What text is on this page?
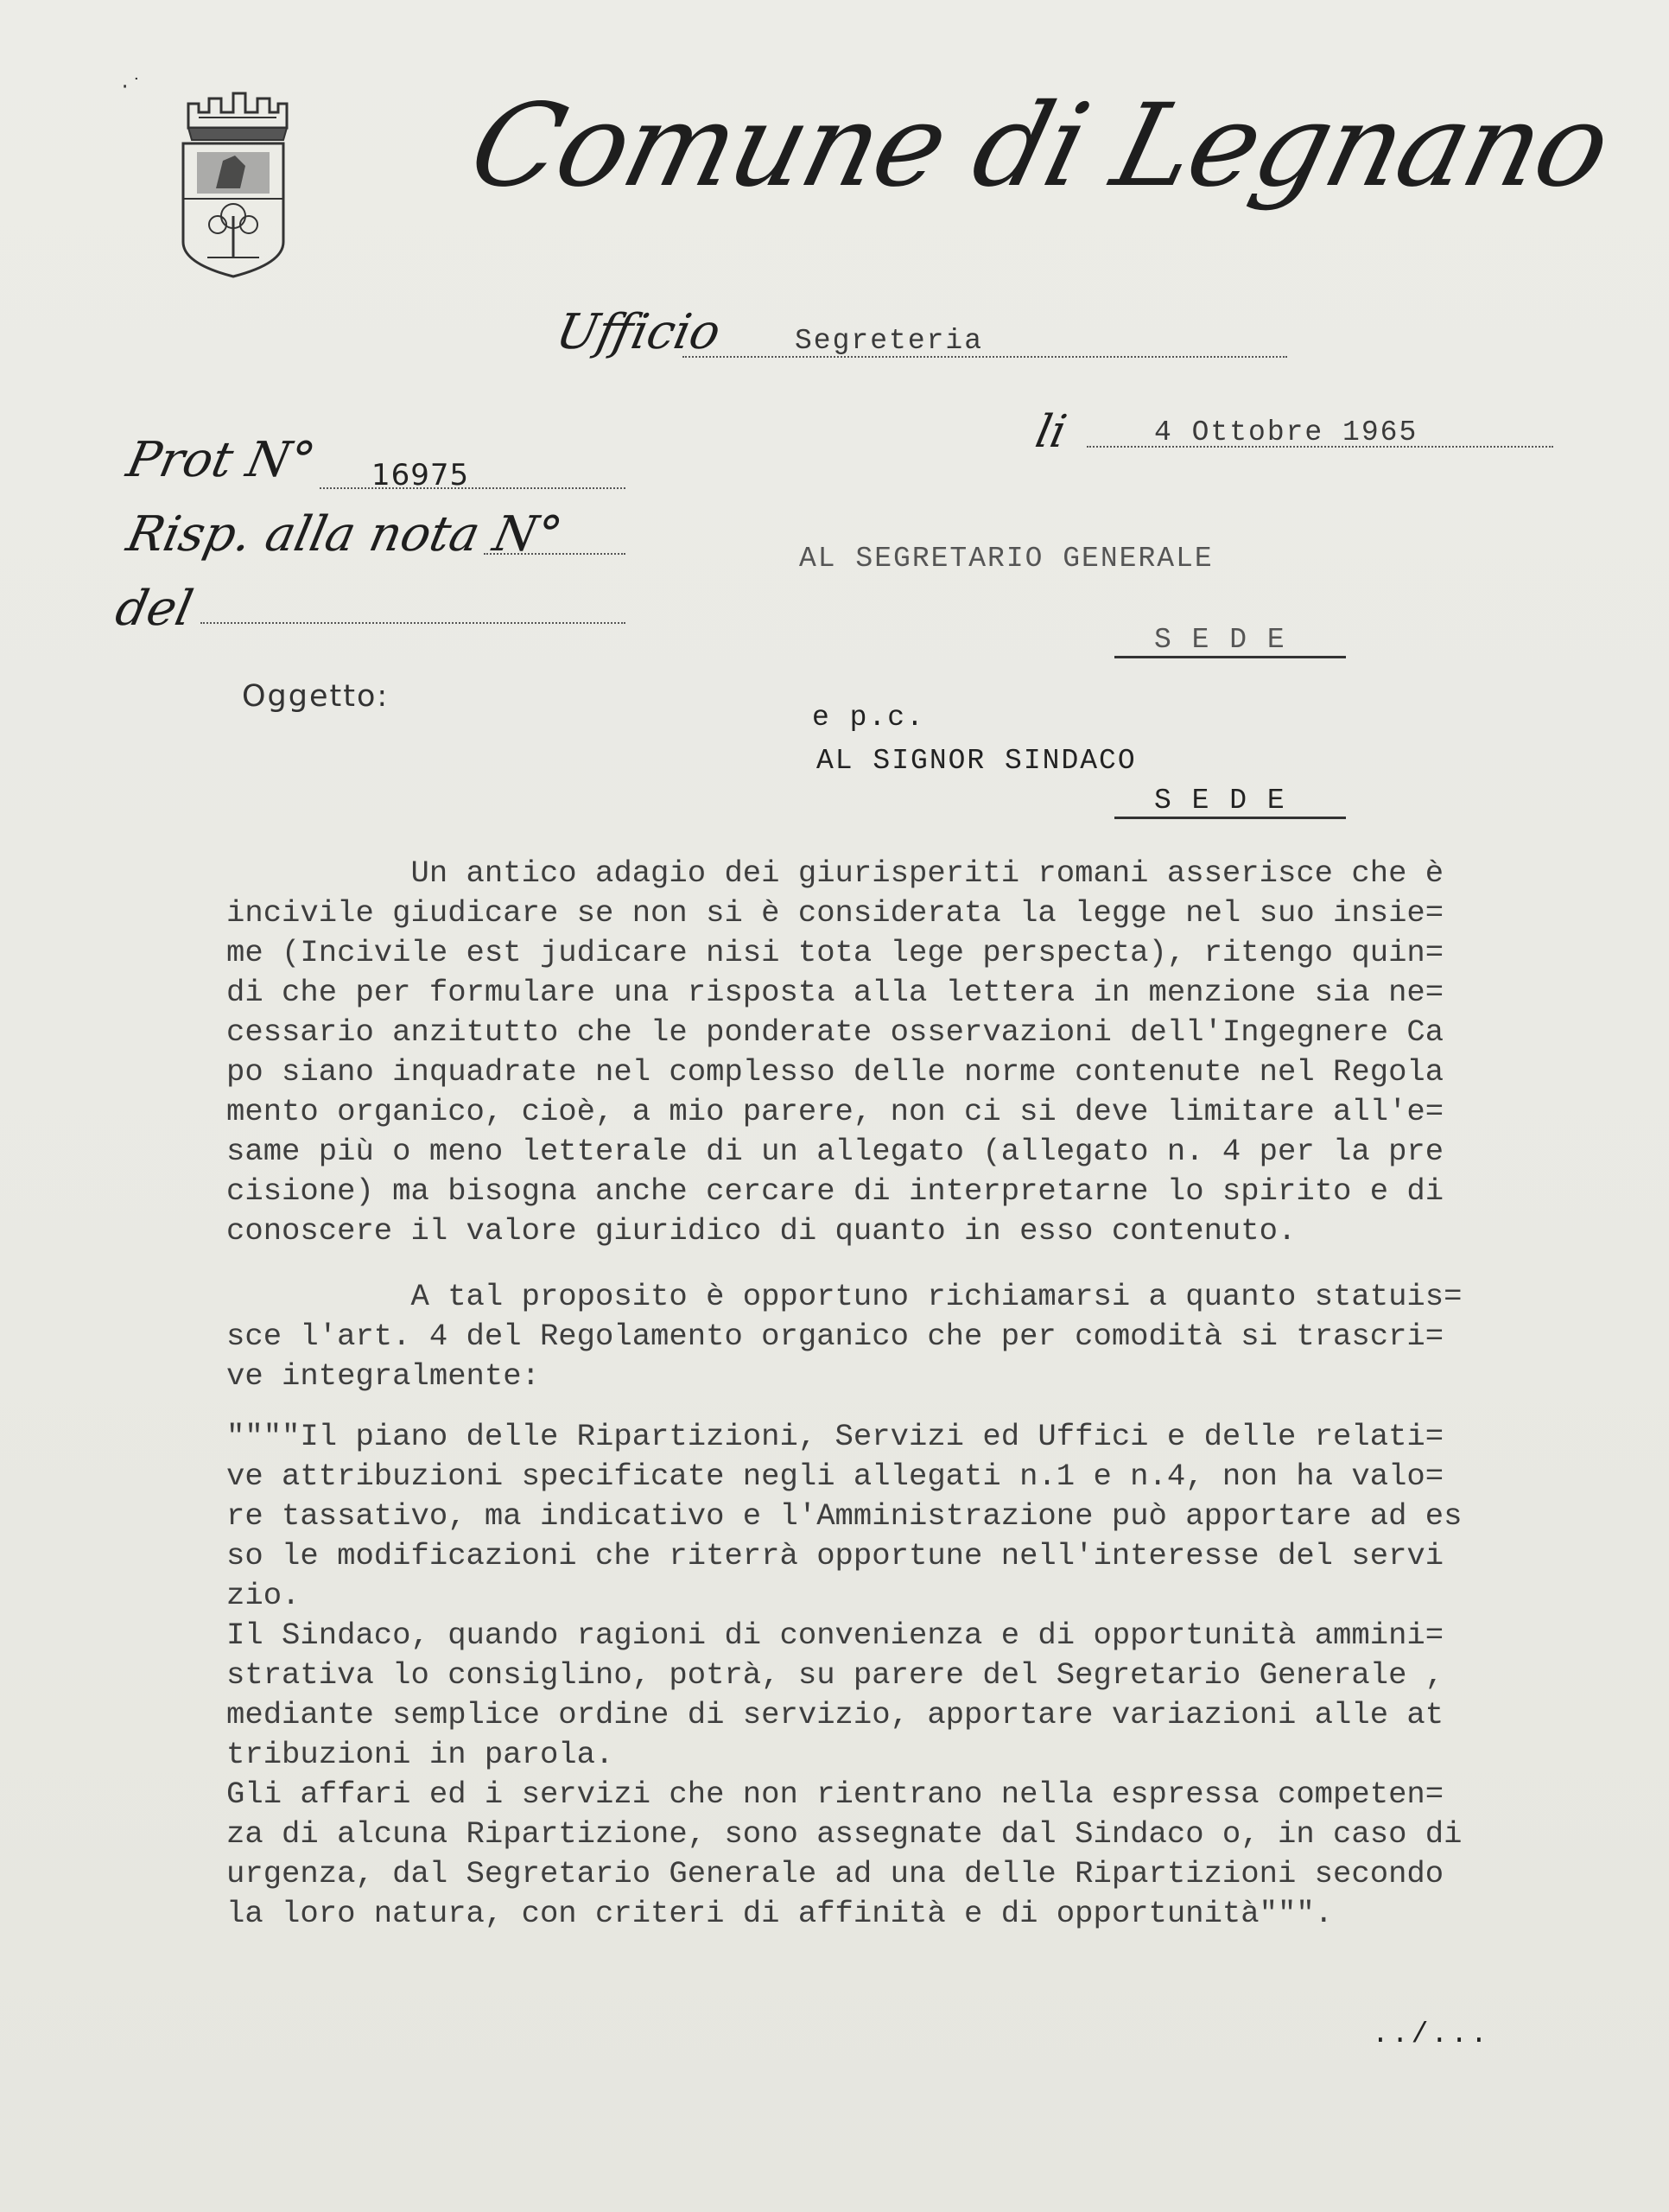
·˙	Comune di Legnano
Ufficio Segreteria
li	4 Ottobre 1965
Prot N° 16975
Risp. alla nota N°
del
AL SEGRETARIO GENERALE
S E D E
Oggetto:
e p.c.
AL SIGNOR SINDACO
S E D E
Un antico adagio dei giurisperiti romani asserisce che è
incivile giudicare se non si è considerata la legge nel suo insie=
me (Incivile est judicare nisi tota lege perspecta), ritengo quin=
di che per formulare una risposta alla lettera in menzione sia ne=
cessario anzitutto che le ponderate osservazioni dell'Ingegnere Ca
po siano inquadrate nel complesso delle norme contenute nel Regola
mento organico, cioè, a mio parere, non ci si deve limitare all'e=
same più o meno letterale di un allegato (allegato n. 4 per la pre
cisione) ma bisogna anche cercare di interpretarne lo spirito e di
conoscere il valore giuridico di quanto in esso contenuto.
A tal proposito è opportuno richiamarsi a quanto statuis=
sce l'art. 4 del Regolamento organico che per comodità si trascri=
ve integralmente:
""""Il piano delle Ripartizioni, Servizi ed Uffici e delle relati=
ve attribuzioni specificate negli allegati n.1 e n.4, non ha valo=
re tassativo, ma indicativo e l'Amministrazione può apportare ad es
so le modificazioni che riterrà opportune nell'interesse del servi
zio.
Il Sindaco, quando ragioni di convenienza e di opportunità ammini=
strativa lo consiglino, potrà, su parere del Segretario Generale ,
mediante semplice ordine di servizio, apportare variazioni alle at
tribuzioni in parola.
Gli affari ed i servizi che non rientrano nella espressa competen=
za di alcuna Ripartizione, sono assegnate dal Sindaco o, in caso di
urgenza, dal Segretario Generale ad una delle Ripartizioni secondo
la loro natura, con criteri di affinità e di opportunità""".
../...
